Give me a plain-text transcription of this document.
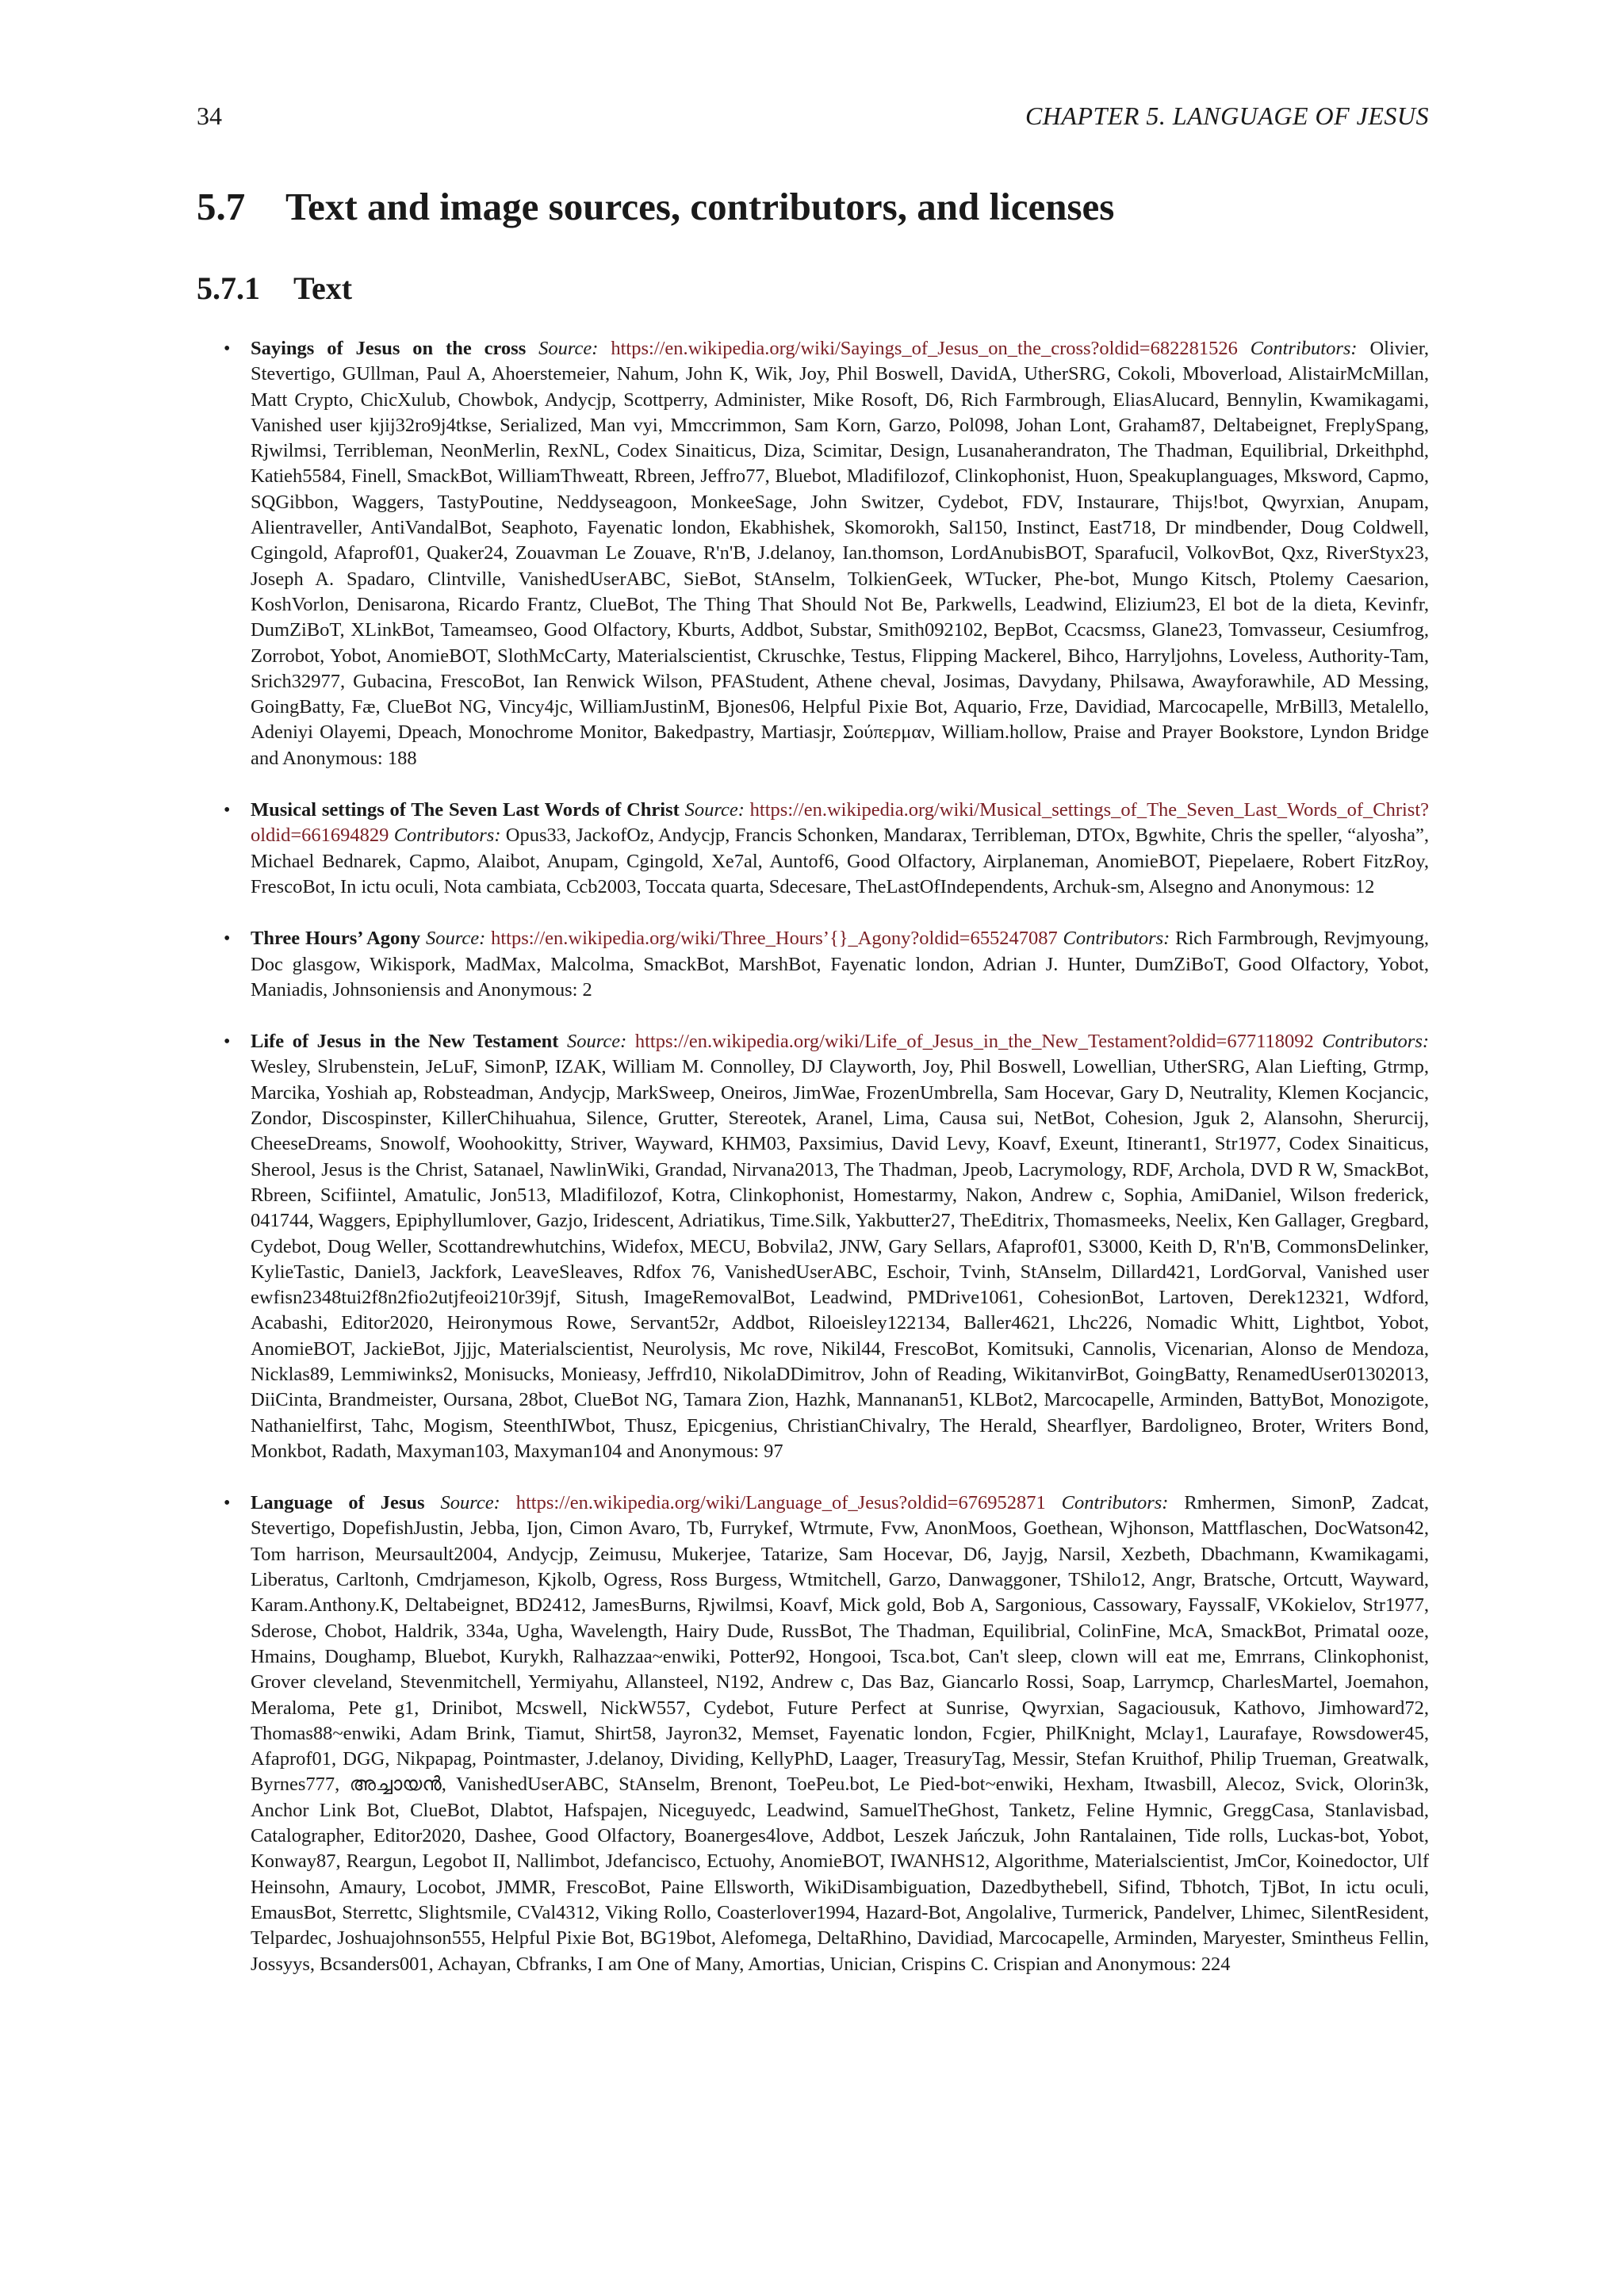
34	CHAPTER 5. LANGUAGE OF JESUS
5.7 Text and image sources, contributors, and licenses
5.7.1 Text
• Sayings of Jesus on the cross Source: https://en.wikipedia.org/wiki/Sayings_of_Jesus_on_the_cross?oldid=682281526 Contributors: Olivier, Stevertigo, GUllman, Paul A, Ahoerstemeier, Nahum, John K, Wik, Joy, Phil Boswell, DavidA, UtherSRG, Cokoli, Mboverload, AlistairMcMillan, Matt Crypto, ChicXulub, Chowbok, Andycjp, Scottperry, Administer, Mike Rosoft, D6, Rich Farmbrough, EliasAlucard, Bennylin, Kwamikagami, Vanished user kjij32ro9j4tkse, Serialized, Man vyi, Mmccrimmon, Sam Korn, Garzo, Pol098, Johan Lont, Graham87, Deltabeignet, FreplySpang, Rjwilmsi, Terribleman, NeonMerlin, RexNL, Codex Sinaiticus, Diza, Scimitar, Design, Lusanaherandraton, The Thadman, Equilibrial, Drkeithphd, Katieh5584, Finell, SmackBot, WilliamThweatt, Rbreen, Jeffro77, Bluebot, Mladifilozof, Clinkophonist, Huon, Speakuplanguages, Mksword, Capmo, SQGibbon, Waggers, TastyPoutine, Neddyseagoon, MonkeeSage, John Switzer, Cydebot, FDV, Instaurare, Thijs!bot, Qwyrxian, Anupam, Alientraveller, AntiVandalBot, Seaphoto, Fayenatic london, Ekabhishek, Skomorokh, Sal150, Instinct, East718, Dr mindbender, Doug Coldwell, Cgingold, Afaprof01, Quaker24, Zouavman Le Zouave, R'n'B, J.delanoy, Ian.thomson, LordAnubisBOT, Sparafucil, VolkovBot, Qxz, RiverStyx23, Joseph A. Spadaro, Clintville, VanishedUserABC, SieBot, StAnselm, TolkienGeek, WTucker, Phe-bot, Mungo Kitsch, Ptolemy Caesarion, KoshVorlon, Denisarona, Ricardo Frantz, ClueBot, The Thing That Should Not Be, Parkwells, Leadwind, Elizium23, El bot de la dieta, Kevinfr, DumZiBoT, XLinkBot, Tameamseo, Good Olfactory, Kburts, Addbot, Substar, Smith092102, BepBot, Ccacsmss, Glane23, Tomvasseur, Cesiumfrog, Zorrobot, Yobot, AnomieBOT, SlothMcCarty, Materialscientist, Ckruschke, Testus, Flipping Mackerel, Bihco, Harryljohns, Loveless, Authority-Tam, Srich32977, Gubacina, FrescoBot, Ian Renwick Wilson, PFAStudent, Athene cheval, Josimas, Davydany, Philsawa, Awayforawhile, AD Messing, GoingBatty, Fæ, ClueBot NG, Vincy4jc, WilliamJustinM, Bjones06, Helpful Pixie Bot, Aquario, Frze, Davidiad, Marcocapelle, MrBill3, Metalello, Adeniyi Olayemi, Dpeach, Monochrome Monitor, Bakedpastry, Martiasjr, Σούπερμαν, William.hollow, Praise and Prayer Bookstore, Lyndon Bridge and Anonymous: 188
• Musical settings of The Seven Last Words of Christ Source: https://en.wikipedia.org/wiki/Musical_settings_of_The_Seven_Last_Words_of_Christ?oldid=661694829 Contributors: Opus33, JackofOz, Andycjp, Francis Schonken, Mandarax, Terribleman, DTOx, Bgwhite, Chris the speller, “alyosha”, Michael Bednarek, Capmo, Alaibot, Anupam, Cgingold, Xe7al, Auntof6, Good Olfactory, Airplaneman, AnomieBOT, Piepelaere, Robert FitzRoy, FrescoBot, In ictu oculi, Nota cambiata, Ccb2003, Toccata quarta, Sdecesare, TheLastOfIndependents, Archuk-sm, Alsegno and Anonymous: 12
• Three Hours’ Agony Source: https://en.wikipedia.org/wiki/Three_Hours’{}_Agony?oldid=655247087 Contributors: Rich Farmbrough, Revjmyoung, Doc glasgow, Wikispork, MadMax, Malcolma, SmackBot, MarshBot, Fayenatic london, Adrian J. Hunter, DumZiBoT, Good Olfactory, Yobot, Maniadis, Johnsoniensis and Anonymous: 2
• Life of Jesus in the New Testament Source: https://en.wikipedia.org/wiki/Life_of_Jesus_in_the_New_Testament?oldid=677118092 Contributors: Wesley, Slrubenstein, JeLuF, SimonP, IZAK, William M. Connolley, DJ Clayworth, Joy, Phil Boswell, Lowellian, UtherSRG, Alan Liefting, Gtrmp, Marcika, Yoshiah ap, Robsteadman, Andycjp, MarkSweep, Oneiros, JimWae, FrozenUmbrella, Sam Hocevar, Gary D, Neutrality, Klemen Kocjancic, Zondor, Discospinster, KillerChihuahua, Silence, Grutter, Stereotek, Aranel, Lima, Causa sui, NetBot, Cohesion, Jguk 2, Alansohn, Sherurcij, CheeseDreams, Snowolf, Woohookitty, Striver, Wayward, KHM03, Paxsimius, David Levy, Koavf, Exeunt, Itinerant1, Str1977, Codex Sinaiticus, Sherool, Jesus is the Christ, Satanael, NawlinWiki, Grandad, Nirvana2013, The Thadman, Jpeob, Lacrymology, RDF, Archola, DVD R W, SmackBot, Rbreen, Scifiintel, Amatulic, Jon513, Mladifilozof, Kotra, Clinkophonist, Homestarmy, Nakon, Andrew c, Sophia, AmiDaniel, Wilson frederick, 041744, Waggers, Epiphyllumlover, Gazjo, Iridescent, Adriatikus, Time.Silk, Yakbutter27, TheEditrix, Thomasmeeks, Neelix, Ken Gallager, Gregbard, Cydebot, Doug Weller, Scottandrewhutchins, Widefox, MECU, Bobvila2, JNW, Gary Sellars, Afaprof01, S3000, Keith D, R'n'B, CommonsDelinker, KylieTastic, Daniel3, Jackfork, LeaveSleaves, Rdfox 76, VanishedUserABC, Eschoir, Tvinh, StAnselm, Dillard421, LordGorval, Vanished user ewfisn2348tui2f8n2fio2utjfeoi210r39jf, Sitush, ImageRemovalBot, Leadwind, PMDrive1061, CohesionBot, Lartoven, Derek12321, Wdford, Acabashi, Editor2020, Heironymous Rowe, Servant52r, Addbot, Riloeisley122134, Baller4621, Lhc226, Nomadic Whitt, Lightbot, Yobot, AnomieBOT, JackieBot, Jjjjc, Materialscientist, Neurolysis, Mc rove, Nikil44, FrescoBot, Komitsuki, Cannolis, Vicenarian, Alonso de Mendoza, Nicklas89, Lemmiwinks2, Monisucks, Monieasy, Jeffrd10, NikolaDDimitrov, John of Reading, WikitanvirBot, GoingBatty, RenamedUser01302013, DiiCinta, Brandmeister, Oursana, 28bot, ClueBot NG, Tamara Zion, Hazhk, Mannanan51, KLBot2, Marcocapelle, Arminden, BattyBot, Monozigote, Nathanielfirst, Tahc, Mogism, SteenthIWbot, Thusz, Epicgenius, ChristianChivalry, The Herald, Shearflyer, Bardoligneo, Broter, Writers Bond, Monkbot, Radath, Maxyman103, Maxyman104 and Anonymous: 97
• Language of Jesus Source: https://en.wikipedia.org/wiki/Language_of_Jesus?oldid=676952871 Contributors: Rmhermen, SimonP, Zadcat, Stevertigo, DopefishJustin, Jebba, Ijon, Cimon Avaro, Tb, Furrykef, Wtrmute, Fvw, AnonMoos, Goethean, Wjhonson, Mattflaschen, DocWatson42, Tom harrison, Meursault2004, Andycjp, Zeimusu, Mukerjee, Tatarize, Sam Hocevar, D6, Jayjg, Narsil, Xezbeth, Dbachmann, Kwamikagami, Liberatus, Carltonh, Cmdrjameson, Kjkolb, Ogress, Ross Burgess, Wtmitchell, Garzo, Danwaggoner, TShilo12, Angr, Bratsche, Ortcutt, Wayward, Karam.Anthony.K, Deltabeignet, BD2412, JamesBurns, Rjwilmsi, Koavf, Mick gold, Bob A, Sargonious, Cassowary, FayssalF, VKokielov, Str1977, Sderose, Chobot, Haldrik, 334a, Ugha, Wavelength, Hairy Dude, RussBot, The Thadman, Equilibrial, ColinFine, McA, SmackBot, Primatal ooze, Hmains, Doughamp, Bluebot, Kurykh, Ralhazzaa~enwiki, Potter92, Hongooi, Tsca.bot, Can't sleep, clown will eat me, Emrrans, Clinkophonist, Grover cleveland, Stevenmitchell, Yermiyahu, Allansteel, N192, Andrew c, Das Baz, Giancarlo Rossi, Soap, Larrymcp, CharlesMartel, Joemahon, Meraloma, Pete g1, Drinibot, Mcswell, NickW557, Cydebot, Future Perfect at Sunrise, Qwyrxian, Sagaciousuk, Kathovo, Jimhoward72, Thomas88~enwiki, Adam Brink, Tiamut, Shirt58, Jayron32, Memset, Fayenatic london, Fcgier, PhilKnight, Mclay1, Laurafaye, Rowsdower45, Afaprof01, DGG, Nikpapag, Pointmaster, J.delanoy, Dividing, KellyPhD, Laager, TreasuryTag, Messir, Stefan Kruithof, Philip Trueman, Greatwalk, Byrnes777, അച്ചായൻ, VanishedUserABC, StAnselm, Brenont, ToePeu.bot, Le Pied-bot~enwiki, Hexham, Itwasbill, Alecoz, Svick, Olorin3k, Anchor Link Bot, ClueBot, Dlabtot, Hafspajen, Niceguyedc, Leadwind, SamuelTheGhost, Tanketz, Feline Hymnic, GreggCasa, Stanlavisbad, Catalographer, Editor2020, Dashee, Good Olfactory, Boanerges4love, Addbot, Leszek Jańczuk, John Rantalainen, Tide rolls, Luckas-bot, Yobot, Konway87, Reargun, Legobot II, Nallimbot, Jdefancisco, Ectuohy, AnomieBOT, IWANHS12, Algorithme, Materialscientist, JmCor, Koinedoctor, Ulf Heinsohn, Amaury, Locobot, JMMR, FrescoBot, Paine Ellsworth, WikiDisambiguation, Dazedbythebell, Sifind, Tbhotch, TjBot, In ictu oculi, EmausBot, Sterrettc, Slightsmile, CVal4312, Viking Rollo, Coasterlover1994, Hazard-Bot, Angolalive, Turmerick, Pandelver, Lhimec, SilentResident, Telpardec, Joshuajohnson555, Helpful Pixie Bot, BG19bot, Alefomega, DeltaRhino, Davidiad, Marcocapelle, Arminden, Maryester, Smintheus Fellin, Jossyys, Bcsanders001, Achayan, Cbfranks, I am One of Many, Amortias, Unician, Crispins C. Crispian and Anonymous: 224
